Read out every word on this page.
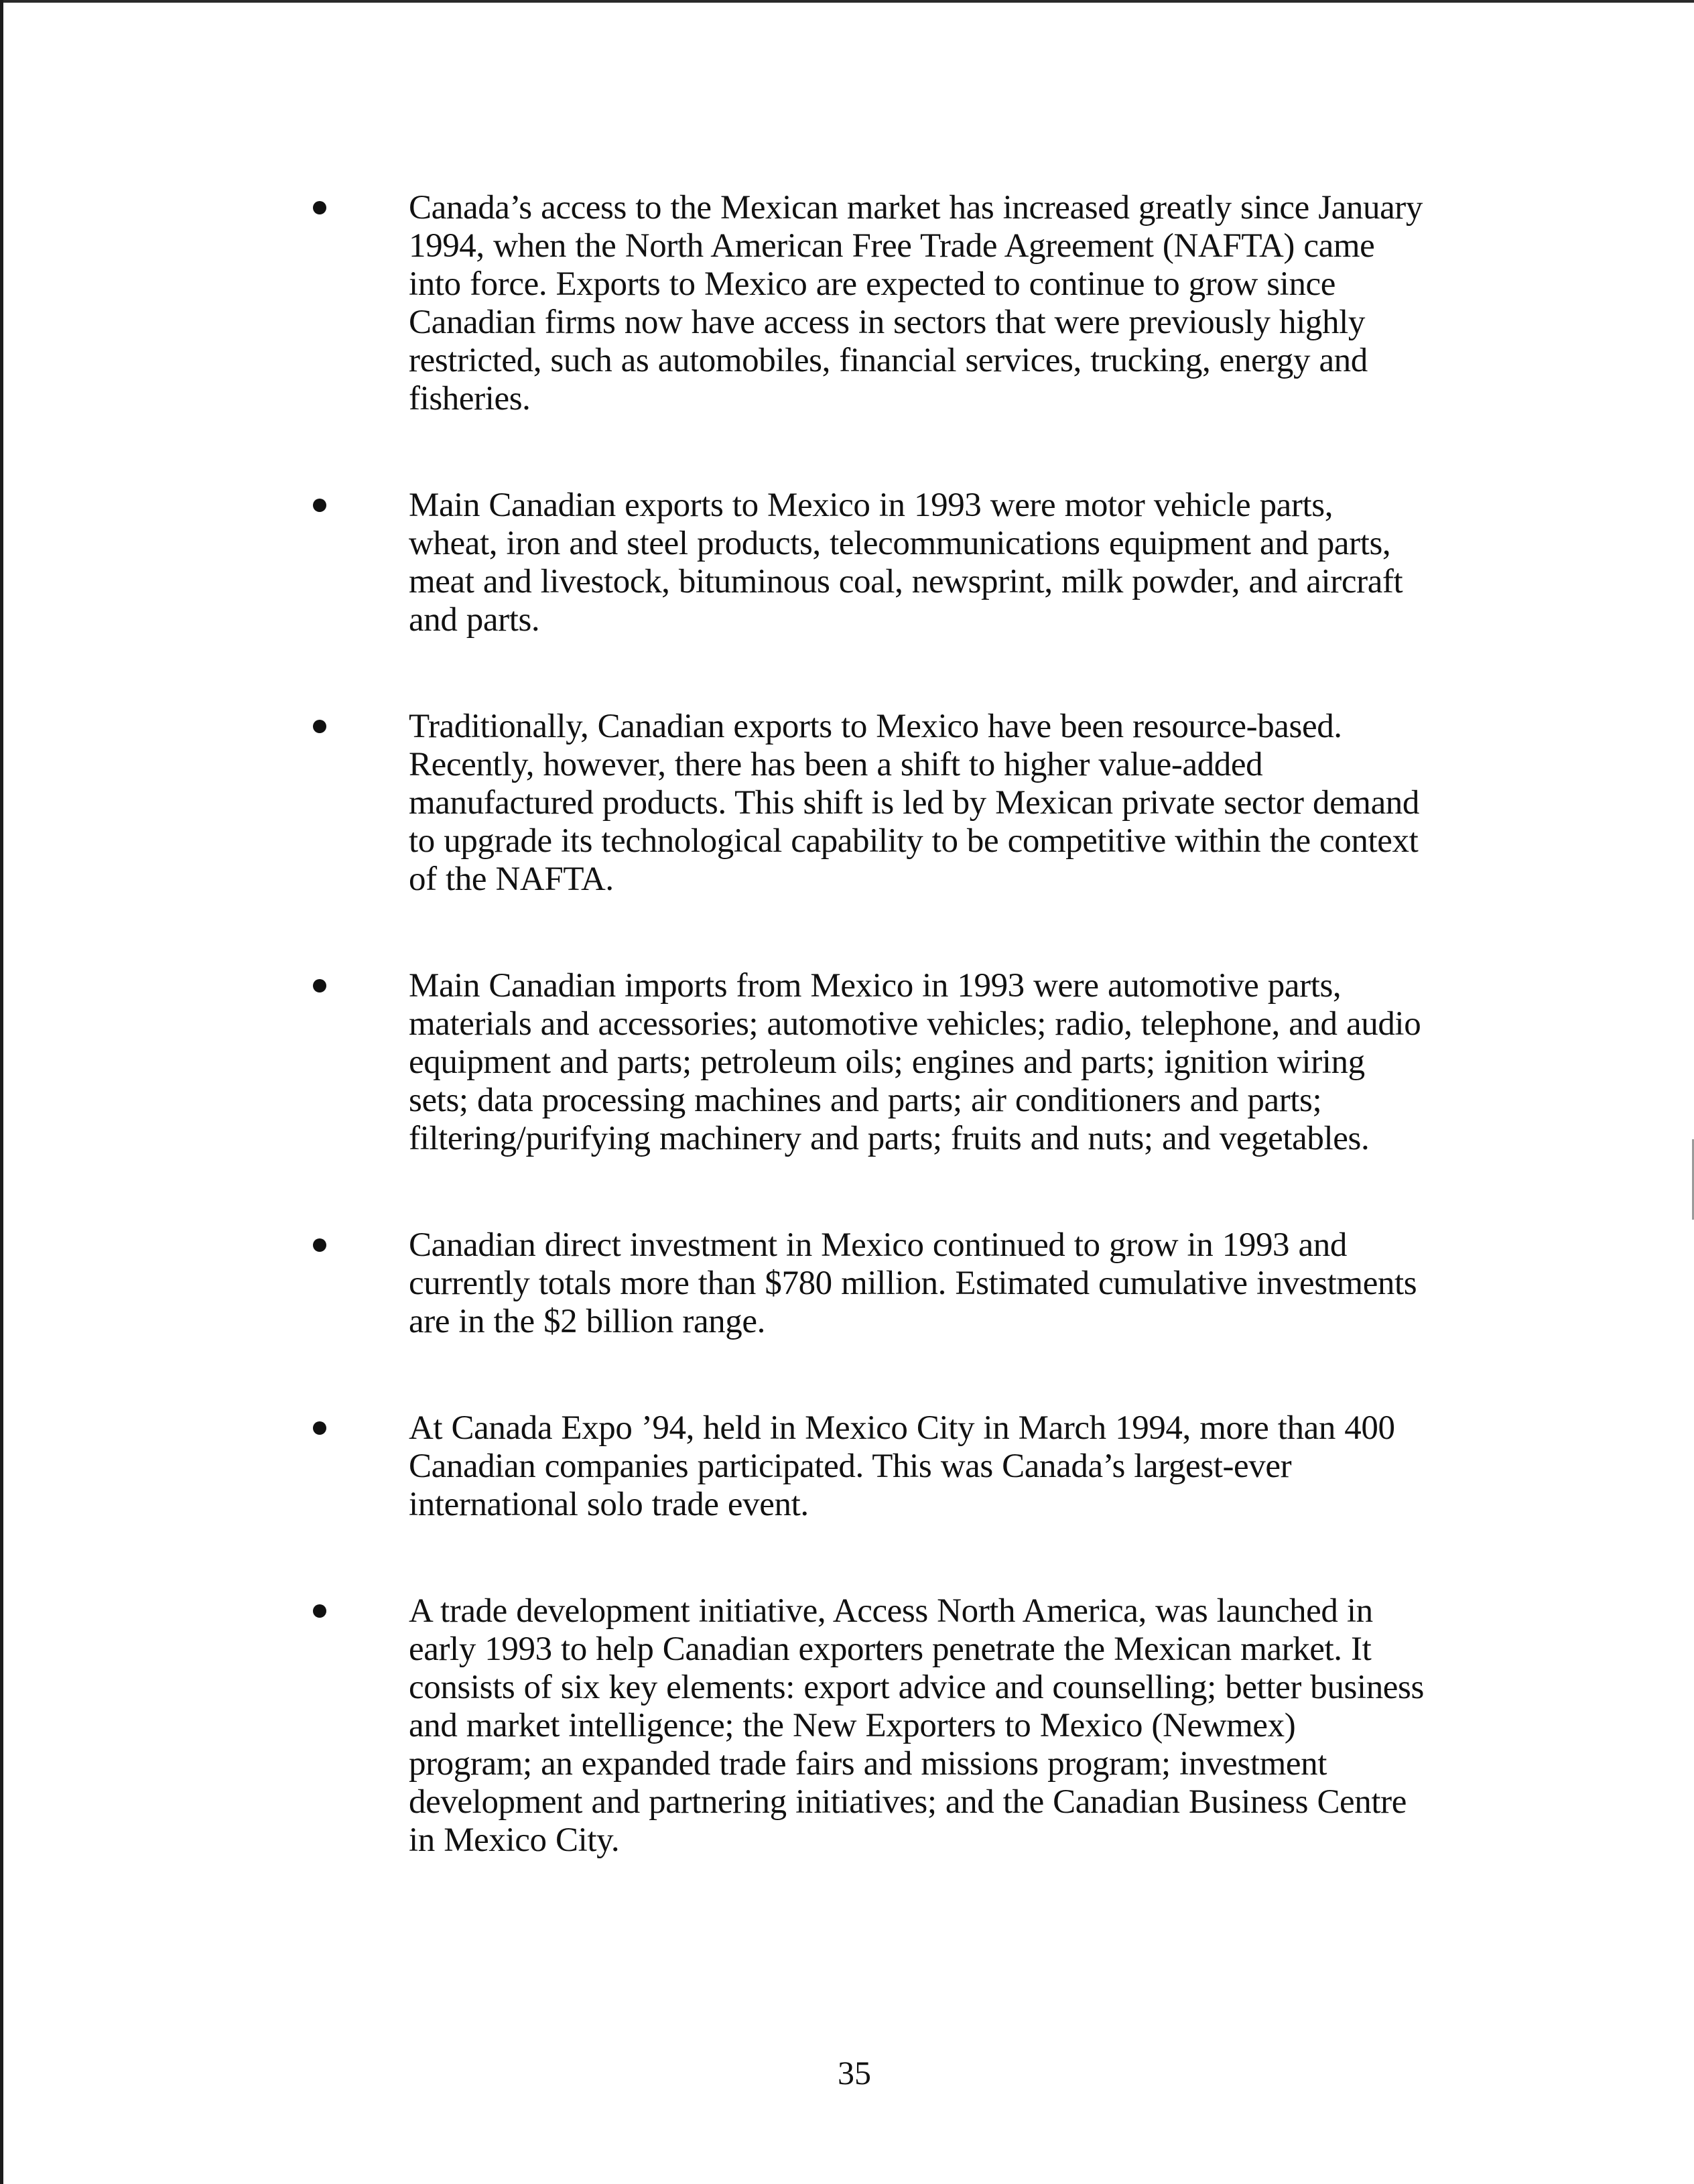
Canada’s access to the Mexican market has increased greatly since January 1994, when the North American Free Trade Agreement (NAFTA) came into force. Exports to Mexico are expected to continue to grow since Canadian firms now have access in sectors that were previously highly restricted, such as automobiles, financial services, trucking, energy and fisheries.
Main Canadian exports to Mexico in 1993 were motor vehicle parts, wheat, iron and steel products, telecommunications equipment and parts, meat and livestock, bituminous coal, newsprint, milk powder, and aircraft and parts.
Traditionally, Canadian exports to Mexico have been resource-based. Recently, however, there has been a shift to higher value-added manufactured products. This shift is led by Mexican private sector demand to upgrade its technological capability to be competitive within the context of the NAFTA.
Main Canadian imports from Mexico in 1993 were automotive parts, materials and accessories; automotive vehicles; radio, telephone, and audio equipment and parts; petroleum oils; engines and parts; ignition wiring sets; data processing machines and parts; air conditioners and parts; filtering/purifying machinery and parts; fruits and nuts; and vegetables.
Canadian direct investment in Mexico continued to grow in 1993 and currently totals more than $780 million. Estimated cumulative investments are in the $2 billion range.
At Canada Expo ’94, held in Mexico City in March 1994, more than 400 Canadian companies participated. This was Canada’s largest-ever international solo trade event.
A trade development initiative, Access North America, was launched in early 1993 to help Canadian exporters penetrate the Mexican market. It consists of six key elements: export advice and counselling; better business and market intelligence; the New Exporters to Mexico (Newmex) program; an expanded trade fairs and missions program; investment development and partnering initiatives; and the Canadian Business Centre in Mexico City.
35
